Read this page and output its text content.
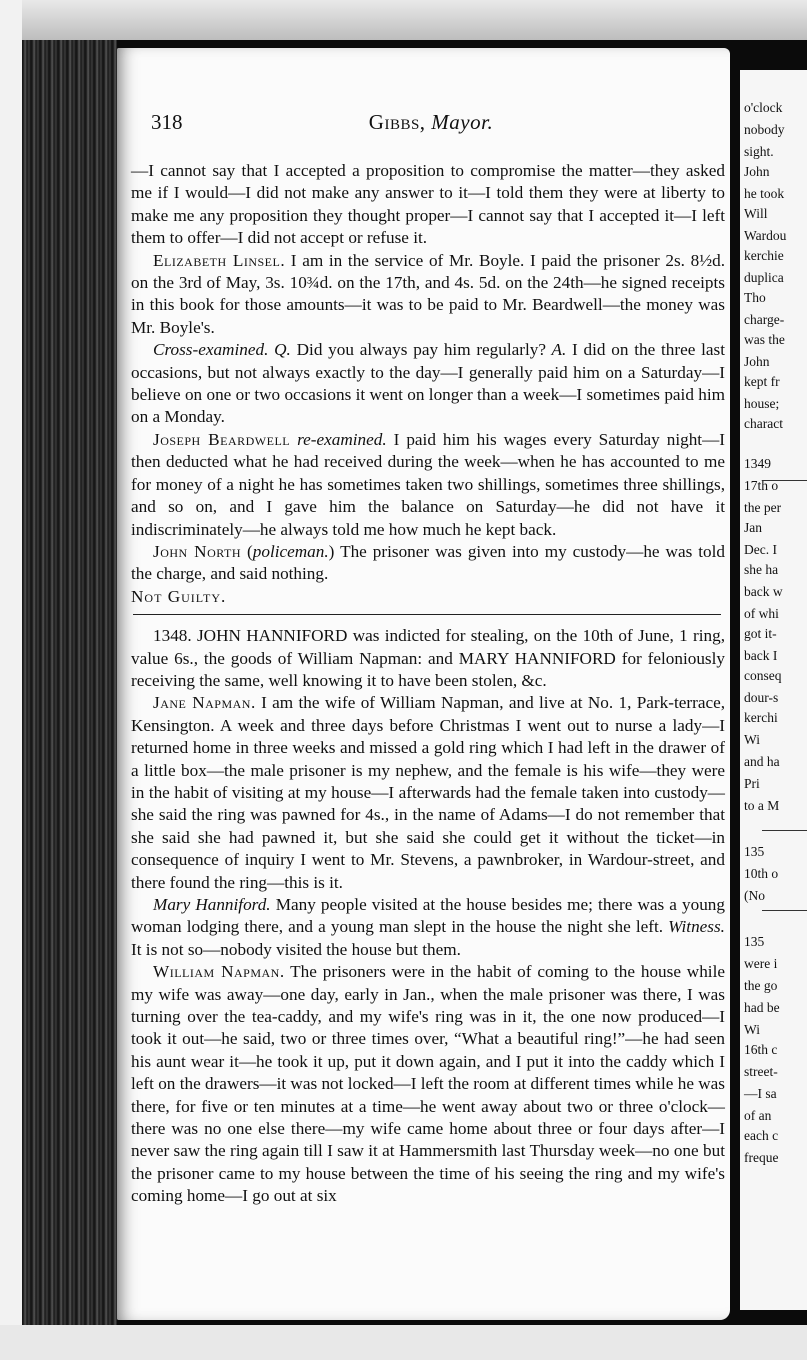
318	Gibbs, Mayor.

—I cannot say that I accepted a proposition to compromise the matter—they asked me if I would—I did not make any answer to it—I told them they were at liberty to make me any proposition they thought proper—I cannot say that I accepted it—I left them to offer—I did not accept or refuse it.

Elizabeth Linsel. I am in the service of Mr. Boyle. I paid the prisoner 2s. 8½d. on the 3rd of May, 3s. 10¾d. on the 17th, and 4s. 5d. on the 24th—he signed receipts in this book for those amounts—it was to be paid to Mr. Beardwell—the money was Mr. Boyle's.

Cross-examined. Q. Did you always pay him regularly? A. I did on the three last occasions, but not always exactly to the day—I generally paid him on a Saturday—I believe on one or two occasions it went on longer than a week—I sometimes paid him on a Monday.

Joseph Beardwell re-examined. I paid him his wages every Saturday night—I then deducted what he had received during the week—when he has accounted to me for money of a night he has sometimes taken two shillings, sometimes three shillings, and so on, and I gave him the balance on Saturday—he did not have it indiscriminately—he always told me how much he kept back.

John North (policeman.) The prisoner was given into my custody—he was told the charge, and said nothing.

Not Guilty.

1348. JOHN HANNIFORD was indicted for stealing, on the 10th of June, 1 ring, value 6s., the goods of William Napman: and MARY HANNIFORD for feloniously receiving the same, well knowing it to have been stolen, &c.

Jane Napman. I am the wife of William Napman, and live at No. 1, Park-terrace, Kensington. A week and three days before Christmas I went out to nurse a lady—I returned home in three weeks and missed a gold ring which I had left in the drawer of a little box—the male prisoner is my nephew, and the female is his wife—they were in the habit of visiting at my house—I afterwards had the female taken into custody—she said the ring was pawned for 4s., in the name of Adams—I do not remember that she said she had pawned it, but she said she could get it without the ticket—in consequence of inquiry I went to Mr. Stevens, a pawnbroker, in Wardour-street, and there found the ring—this is it.

Mary Hanniford. Many people visited at the house besides me; there was a young woman lodging there, and a young man slept in the house the night she left. Witness. It is not so—nobody visited the house but them.

William Napman. The prisoners were in the habit of coming to the house while my wife was away—one day, early in Jan., when the male prisoner was there, I was turning over the tea-caddy, and my wife's ring was in it, the one now produced—I took it out—he said, two or three times over, “What a beautiful ring!”—he had seen his aunt wear it—he took it up, put it down again, and I put it into the caddy which I left on the drawers—it was not locked—I left the room at different times while he was there, for five or ten minutes at a time—he went away about two or three o'clock—there was no one else there—my wife came home about three or four days after—I never saw the ring again till I saw it at Hammersmith last Thursday week—no one but the prisoner came to my house between the time of his seeing the ring and my wife's coming home—I go out at six

o'clock
nobody
sight.
John
he took
Will
Wardou
kerchie
duplica
Tho
charge-
was the
John
kept fr
house;
charact
1349
17th o
the per
Jan
Dec. I
she ha
back w
of whi
got it-
back I
conseq
dour-s
kerchi
Wi
and ha
Pri
to a M
135
10th o
(No
135
were i
the go
had be
Wi
16th c
street-
—I sa
of an
each c
freque
